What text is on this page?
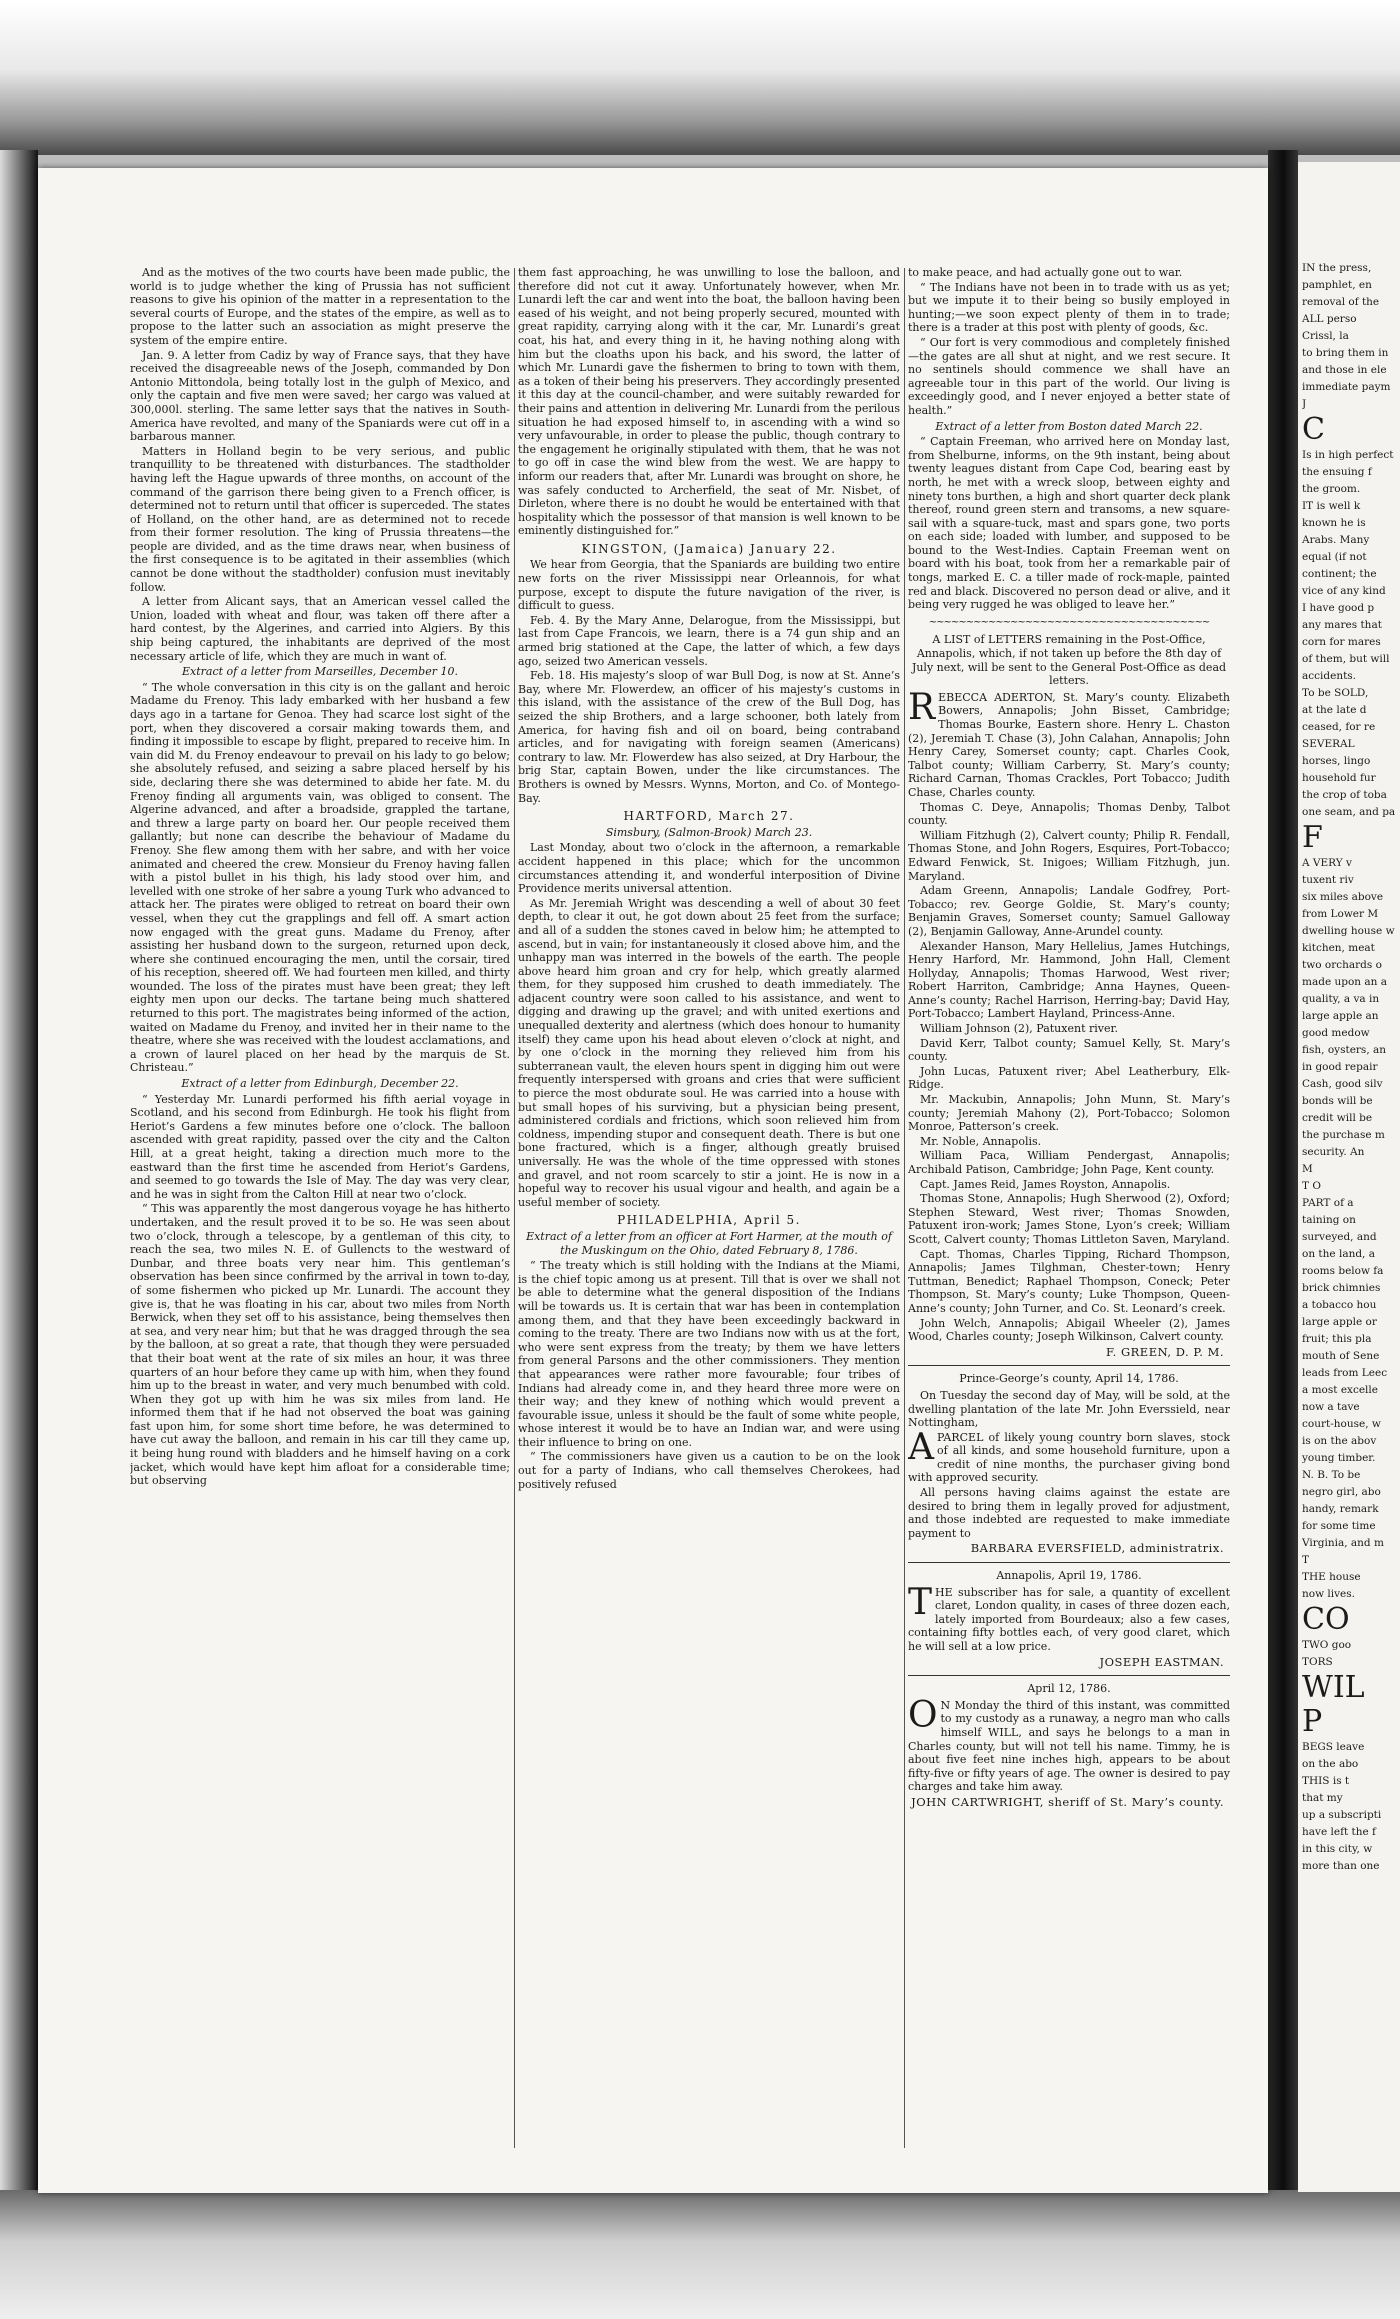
And as the motives of the two courts have been made public, the world is to judge whether the king of Prussia has not sufficient reasons to give his opinion of the matter in a representation to the several courts of Europe, and the states of the empire, as well as to propose to the latter such an association as might preserve the system of the empire entire.
Jan. 9. A letter from Cadiz by way of France says, that they have received the disagreeable news of the Joseph, commanded by Don Antonio Mittondola, being totally lost in the gulph of Mexico, and only the captain and five men were saved; her cargo was valued at 300,000l. sterling. The same letter says that the natives in South-America have revolted, and many of the Spaniards were cut off in a barbarous manner.
Matters in Holland begin to be very serious, and public tranquillity to be threatened with disturbances. The stadtholder having left the Hague upwards of three months, on account of the command of the garrison there being given to a French officer, is determined not to return until that officer is superceded. The states of Holland, on the other hand, are as determined not to recede from their former resolution. The king of Prussia threatens—the people are divided, and as the time draws near, when business of the first consequence is to be agitated in their assemblies (which cannot be done without the stadtholder) confusion must inevitably follow.
A letter from Alicant says, that an American vessel called the Union, loaded with wheat and flour, was taken off there after a hard contest, by the Algerines, and carried into Algiers. By this ship being captured, the inhabitants are deprived of the most necessary article of life, which they are much in want of.
Extract of a letter from Marseilles, December 10.
“ The whole conversation in this city is on the gallant and heroic Madame du Frenoy. This lady embarked with her husband a few days ago in a tartane for Genoa. They had scarce lost sight of the port, when they discovered a corsair making towards them, and finding it impossible to escape by flight, prepared to receive him. In vain did M. du Frenoy endeavour to prevail on his lady to go below; she absolutely refused, and seizing a sabre placed herself by his side, declaring there she was determined to abide her fate. M. du Frenoy finding all arguments vain, was obliged to consent. The Algerine advanced, and after a broadside, grappled the tartane, and threw a large party on board her. Our people received them gallantly; but none can describe the behaviour of Madame du Frenoy. She flew among them with her sabre, and with her voice animated and cheered the crew. Monsieur du Frenoy having fallen with a pistol bullet in his thigh, his lady stood over him, and levelled with one stroke of her sabre a young Turk who advanced to attack her. The pirates were obliged to retreat on board their own vessel, when they cut the grapplings and fell off. A smart action now engaged with the great guns. Madame du Frenoy, after assisting her husband down to the surgeon, returned upon deck, where she continued encouraging the men, until the corsair, tired of his reception, sheered off. We had fourteen men killed, and thirty wounded. The loss of the pirates must have been great; they left eighty men upon our decks. The tartane being much shattered returned to this port. The magistrates being informed of the action, waited on Madame du Frenoy, and invited her in their name to the theatre, where she was received with the loudest acclamations, and a crown of laurel placed on her head by the marquis de St. Christeau.”
Extract of a letter from Edinburgh, December 22.
“ Yesterday Mr. Lunardi performed his fifth aerial voyage in Scotland, and his second from Edinburgh. He took his flight from Heriot’s Gardens a few minutes before one o’clock. The balloon ascended with great rapidity, passed over the city and the Calton Hill, at a great height, taking a direction much more to the eastward than the first time he ascended from Heriot’s Gardens, and seemed to go towards the Isle of May. The day was very clear, and he was in sight from the Calton Hill at near two o’clock.
“ This was apparently the most dangerous voyage he has hitherto undertaken, and the result proved it to be so. He was seen about two o’clock, through a telescope, by a gentleman of this city, to reach the sea, two miles N. E. of Gullencts to the westward of Dunbar, and three boats very near him. This gentleman’s observation has been since confirmed by the arrival in town to-day, of some fishermen who picked up Mr. Lunardi. The account they give is, that he was floating in his car, about two miles from North Berwick, when they set off to his assistance, being themselves then at sea, and very near him; but that he was dragged through the sea by the balloon, at so great a rate, that though they were persuaded that their boat went at the rate of six miles an hour, it was three quarters of an hour before they came up with him, when they found him up to the breast in water, and very much benumbed with cold. When they got up with him he was six miles from land. He informed them that if he had not observed the boat was gaining fast upon him, for some short time before, he was determined to have cut away the balloon, and remain in his car till they came up, it being hung round with bladders and he himself having on a cork jacket, which would have kept him afloat for a considerable time; but observing
them fast approaching, he was unwilling to lose the balloon, and therefore did not cut it away. Unfortunately however, when Mr. Lunardi left the car and went into the boat, the balloon having been eased of his weight, and not being properly secured, mounted with great rapidity, carrying along with it the car, Mr. Lunardi’s great coat, his hat, and every thing in it, he having nothing along with him but the cloaths upon his back, and his sword, the latter of which Mr. Lunardi gave the fishermen to bring to town with them, as a token of their being his preservers. They accordingly presented it this day at the council-chamber, and were suitably rewarded for their pains and attention in delivering Mr. Lunardi from the perilous situation he had exposed himself to, in ascending with a wind so very unfavourable, in order to please the public, though contrary to the engagement he originally stipulated with them, that he was not to go off in case the wind blew from the west. We are happy to inform our readers that, after Mr. Lunardi was brought on shore, he was safely conducted to Archerfield, the seat of Mr. Nisbet, of Dirleton, where there is no doubt he would be entertained with that hospitality which the possessor of that mansion is well known to be eminently distinguished for.”
KINGSTON, (Jamaica) January 22.
We hear from Georgia, that the Spaniards are building two entire new forts on the river Mississippi near Orleannois, for what purpose, except to dispute the future navigation of the river, is difficult to guess.
Feb. 4. By the Mary Anne, Delarogue, from the Mississippi, but last from Cape Francois, we learn, there is a 74 gun ship and an armed brig stationed at the Cape, the latter of which, a few days ago, seized two American vessels.
Feb. 18. His majesty’s sloop of war Bull Dog, is now at St. Anne’s Bay, where Mr. Flowerdew, an officer of his majesty’s customs in this island, with the assistance of the crew of the Bull Dog, has seized the ship Brothers, and a large schooner, both lately from America, for having fish and oil on board, being contraband articles, and for navigating with foreign seamen (Americans) contrary to law. Mr. Flowerdew has also seized, at Dry Harbour, the brig Star, captain Bowen, under the like circumstances. The Brothers is owned by Messrs. Wynns, Morton, and Co. of Montego-Bay.
HARTFORD, March 27.
Simsbury, (Salmon-Brook) March 23.
Last Monday, about two o’clock in the afternoon, a remarkable accident happened in this place; which for the uncommon circumstances attending it, and wonderful interposition of Divine Providence merits universal attention.
As Mr. Jeremiah Wright was descending a well of about 30 feet depth, to clear it out, he got down about 25 feet from the surface; and all of a sudden the stones caved in below him; he attempted to ascend, but in vain; for instantaneously it closed above him, and the unhappy man was interred in the bowels of the earth. The people above heard him groan and cry for help, which greatly alarmed them, for they supposed him crushed to death immediately. The adjacent country were soon called to his assistance, and went to digging and drawing up the gravel; and with united exertions and unequalled dexterity and alertness (which does honour to humanity itself) they came upon his head about eleven o’clock at night, and by one o’clock in the morning they relieved him from his subterranean vault, the eleven hours spent in digging him out were frequently interspersed with groans and cries that were sufficient to pierce the most obdurate soul. He was carried into a house with but small hopes of his surviving, but a physician being present, administered cordials and frictions, which soon relieved him from coldness, impending stupor and consequent death. There is but one bone fractured, which is a finger, although greatly bruised universally. He was the whole of the time oppressed with stones and gravel, and not room scarcely to stir a joint. He is now in a hopeful way to recover his usual vigour and health, and again be a useful member of society.
PHILADELPHIA, April 5.
Extract of a letter from an officer at Fort Harmer, at the mouth of the Muskingum on the Ohio, dated February 8, 1786.
“ The treaty which is still holding with the Indians at the Miami, is the chief topic among us at present. Till that is over we shall not be able to determine what the general disposition of the Indians will be towards us. It is certain that war has been in contemplation among them, and that they have been exceedingly backward in coming to the treaty. There are two Indians now with us at the fort, who were sent express from the treaty; by them we have letters from general Parsons and the other commissioners. They mention that appearances were rather more favourable; four tribes of Indians had already come in, and they heard three more were on their way; and they knew of nothing which would prevent a favourable issue, unless it should be the fault of some white people, whose interest it would be to have an Indian war, and were using their influence to bring on one.
“ The commissioners have given us a caution to be on the look out for a party of Indians, who call themselves Cherokees, had positively refused
to make peace, and had actually gone out to war.
“ The Indians have not been in to trade with us as yet; but we impute it to their being so busily employed in hunting;—we soon expect plenty of them in to trade; there is a trader at this post with plenty of goods, &c.
“ Our fort is very commodious and completely finished—the gates are all shut at night, and we rest secure. It no sentinels should commence we shall have an agreeable tour in this part of the world. Our living is exceedingly good, and I never enjoyed a better state of health.”
Extract of a letter from Boston dated March 22.
“ Captain Freeman, who arrived here on Monday last, from Shelburne, informs, on the 9th instant, being about twenty leagues distant from Cape Cod, bearing east by north, he met with a wreck sloop, between eighty and ninety tons burthen, a high and short quarter deck plank thereof, round green stern and transoms, a new square-sail with a square-tuck, mast and spars gone, two ports on each side; loaded with lumber, and supposed to be bound to the West-Indies. Captain Freeman went on board with his boat, took from her a remarkable pair of tongs, marked E. C. a tiller made of rock-maple, painted red and black. Discovered no person dead or alive, and it being very rugged he was obliged to leave her.”
~~~~~~~~~~~~~~~~~~~~~~~~~~~~~~~~~~~~~~
A LIST of LETTERS remaining in the Post-Office, Annapolis, which, if not taken up before the 8th day of July next, will be sent to the General Post-Office as dead letters.
REBECCA ADERTON, St. Mary’s county. Elizabeth Bowers, Annapolis; John Bisset, Cambridge; Thomas Bourke, Eastern shore. Henry L. Chaston (2), Jeremiah T. Chase (3), John Calahan, Annapolis; John Henry Carey, Somerset county; capt. Charles Cook, Talbot county; William Carberry, St. Mary’s county; Richard Carnan, Thomas Crackles, Port Tobacco; Judith Chase, Charles county.
Thomas C. Deye, Annapolis; Thomas Denby, Talbot county.
William Fitzhugh (2), Calvert county; Philip R. Fendall, Thomas Stone, and John Rogers, Esquires, Port-Tobacco; Edward Fenwick, St. Inigoes; William Fitzhugh, jun. Maryland.
Adam Greenn, Annapolis; Landale Godfrey, Port-Tobacco; rev. George Goldie, St. Mary’s county; Benjamin Graves, Somerset county; Samuel Galloway (2), Benjamin Galloway, Anne-Arundel county.
Alexander Hanson, Mary Hellelius, James Hutchings, Henry Harford, Mr. Hammond, John Hall, Clement Hollyday, Annapolis; Thomas Harwood, West river; Robert Harriton, Cambridge; Anna Haynes, Queen-Anne’s county; Rachel Harrison, Herring-bay; David Hay, Port-Tobacco; Lambert Hayland, Princess-Anne.
William Johnson (2), Patuxent river.
David Kerr, Talbot county; Samuel Kelly, St. Mary’s county.
John Lucas, Patuxent river; Abel Leatherbury, Elk-Ridge.
Mr. Mackubin, Annapolis; John Munn, St. Mary’s county; Jeremiah Mahony (2), Port-Tobacco; Solomon Monroe, Patterson’s creek.
Mr. Noble, Annapolis.
William Paca, William Pendergast, Annapolis; Archibald Patison, Cambridge; John Page, Kent county.
Capt. James Reid, James Royston, Annapolis.
Thomas Stone, Annapolis; Hugh Sherwood (2), Oxford; Stephen Steward, West river; Thomas Snowden, Patuxent iron-work; James Stone, Lyon’s creek; William Scott, Calvert county; Thomas Littleton Saven, Maryland.
Capt. Thomas, Charles Tipping, Richard Thompson, Annapolis; James Tilghman, Chester-town; Henry Tuttman, Benedict; Raphael Thompson, Coneck; Peter Thompson, St. Mary’s county; Luke Thompson, Queen-Anne’s county; John Turner, and Co. St. Leonard’s creek.
John Welch, Annapolis; Abigail Wheeler (2), James Wood, Charles county; Joseph Wilkinson, Calvert county.
F. GREEN, D. P. M.
Prince-George’s county, April 14, 1786.
On Tuesday the second day of May, will be sold, at the dwelling plantation of the late Mr. John Everssield, near Nottingham,
APARCEL of likely young country born slaves, stock of all kinds, and some household furniture, upon a credit of nine months, the purchaser giving bond with approved security.
All persons having claims against the estate are desired to bring them in legally proved for adjustment, and those indebted are requested to make immediate payment to
BARBARA EVERSFIELD, administratrix.
Annapolis, April 19, 1786.
THE subscriber has for sale, a quantity of excellent claret, London quality, in cases of three dozen each, lately imported from Bourdeaux; also a few cases, containing fifty bottles each, of very good claret, which he will sell at a low price.
JOSEPH EASTMAN.
April 12, 1786.
O N Monday the third of this instant, was committed to my custody as a runaway, a negro man who calls himself WILL, and says he belongs to a man in Charles county, but will not tell his name. Timmy, he is about five feet nine inches high, appears to be about fifty-five or fifty years of age. The owner is desired to pay charges and take him away.
JOHN CARTWRIGHT, sheriff of St. Mary’s county.
IN the press,
pamphlet, en
removal of the
ALL perso
Crissl, la
to bring them in
and those in ele
immediate paym
J
C
Is in high perfect
the ensuing f
the groom.
IT is well k
known he is
Arabs. Many
equal (if not
continent; the
vice of any kind
I have good p
any mares that
corn for mares
of them, but will
accidents.
To be SOLD,
at the late d
ceased, for re
SEVERAL
horses, lingo
household fur
the crop of toba
one seam, and pa
F
A VERY v
tuxent riv
six miles above
from Lower M
dwelling house w
kitchen, meat
two orchards o
made upon an a
quality, a va in
large apple an
good medow
fish, oysters, an
in good repair
Cash, good silv
bonds will be
credit will be
the purchase m
security. An
M
T O
PART of a
taining on
surveyed, and
on the land, a
rooms below fa
brick chimnies
a tobacco hou
large apple or
fruit; this pla
mouth of Sene
leads from Leec
a most excelle
now a tave
court-house, w
is on the abov
young timber.
N. B. To be
negro girl, abo
handy, remark
for some time
Virginia, and m
T
THE house
now lives.
CO
TWO goo
TORS
WIL
P
BEGS leave
on the abo
THIS is t
that my
up a subscripti
have left the f
in this city, w
more than one
